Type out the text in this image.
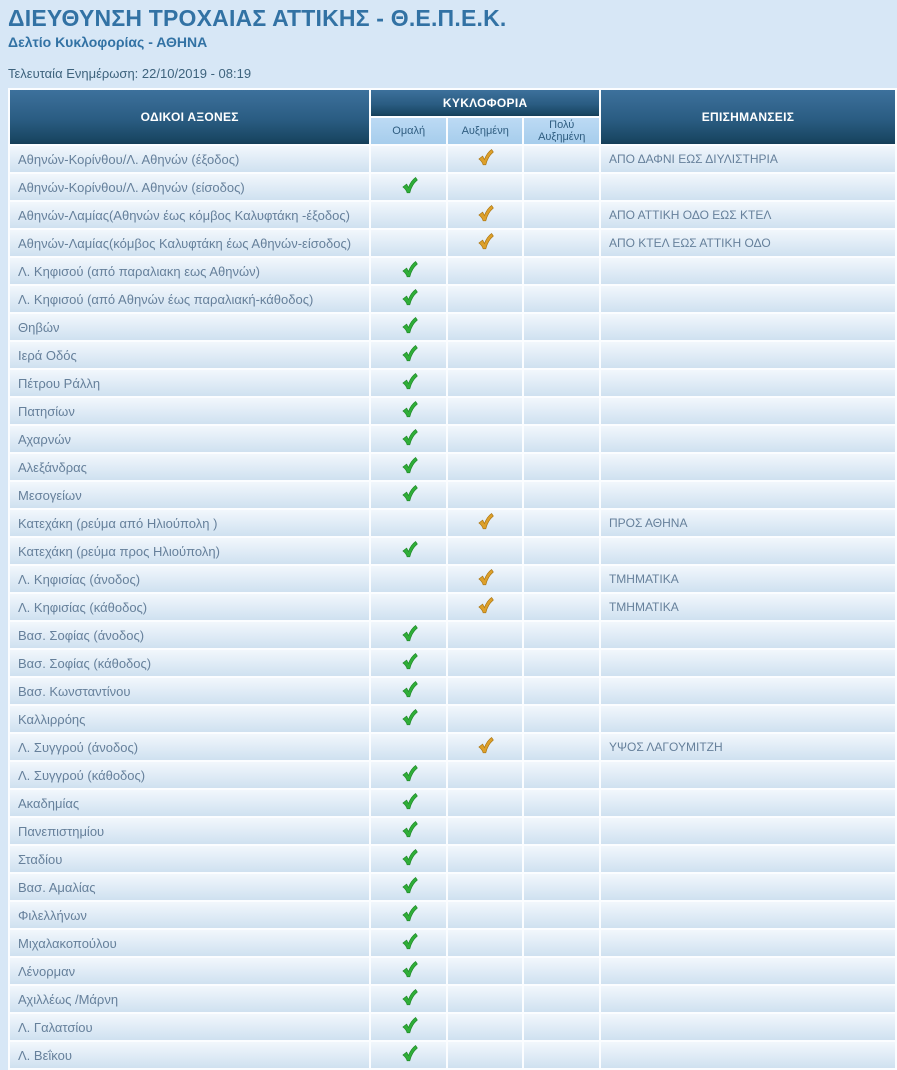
ΔΙΕΥΘΥΝΣΗ ΤΡΟΧΑΙΑΣ ΑΤΤΙΚΗΣ - Θ.Ε.Π.Ε.Κ.
Δελτίο Κυκλοφορίας - ΑΘΗΝΑ
Τελευταία Ενημέρωση: 22/10/2019 - 08:19
ΟΔΙΚΟΙ ΑΞΟΝΕΣ	ΚΥΚΛΟΦΟΡΙΑ			ΕΠΙΣΗΜΑΝΣΕΙΣ
	Ομαλή	Αυξημένη	Πολύ Αυξημένη	
Αθηνών-Κορίνθου/Λ. Αθηνών (έξοδος)				ΑΠΟ ΔΑΦΝΙ ΕΩΣ ΔΙΥΛΙΣΤΗΡΙΑ
Αθηνών-Κορίνθου/Λ. Αθηνών (είσοδος)				
Αθηνών-Λαμίας(Αθηνών έως κόμβος Καλυφτάκη -έξοδος)				ΑΠΟ ΑΤΤΙΚΗ ΟΔΟ ΕΩΣ ΚΤΕΛ
Αθηνών-Λαμίας(κόμβος Καλυφτάκη έως Αθηνών-είσοδος)				ΑΠΟ ΚΤΕΛ ΕΩΣ ΑΤΤΙΚΗ ΟΔΟ
Λ. Κηφισού (από παραλιακη εως Αθηνών)				
Λ. Κηφισού (από Αθηνών έως παραλιακή-κάθοδος)				
Θηβών				
Ιερά Οδός				
Πέτρου Ράλλη				
Πατησίων				
Αχαρνών				
Αλεξάνδρας				
Μεσογείων				
Κατεχάκη (ρεύμα από Ηλιούπολη )				ΠΡΟΣ ΑΘΗΝΑ
Κατεχάκη (ρεύμα προς Ηλιούπολη)				
Λ. Κηφισίας (άνοδος)				ΤΜΗΜΑΤΙΚΑ
Λ. Κηφισίας (κάθοδος)				ΤΜΗΜΑΤΙΚΑ
Βασ. Σοφίας (άνοδος)				
Βασ. Σοφίας (κάθοδος)				
Βασ. Κωνσταντίνου				
Καλλιρρόης				
Λ. Συγγρού (άνοδος)				ΥΨΟΣ ΛΑΓΟΥΜΙΤΖΗ
Λ. Συγγρού (κάθοδος)				
Ακαδημίας				
Πανεπιστημίου				
Σταδίου				
Βασ. Αμαλίας				
Φιλελλήνων				
Μιχαλακοπούλου				
Λένορμαν				
Αχιλλέως /Μάρνη				
Λ. Γαλατσίου				
Λ. Βεΐκου				
